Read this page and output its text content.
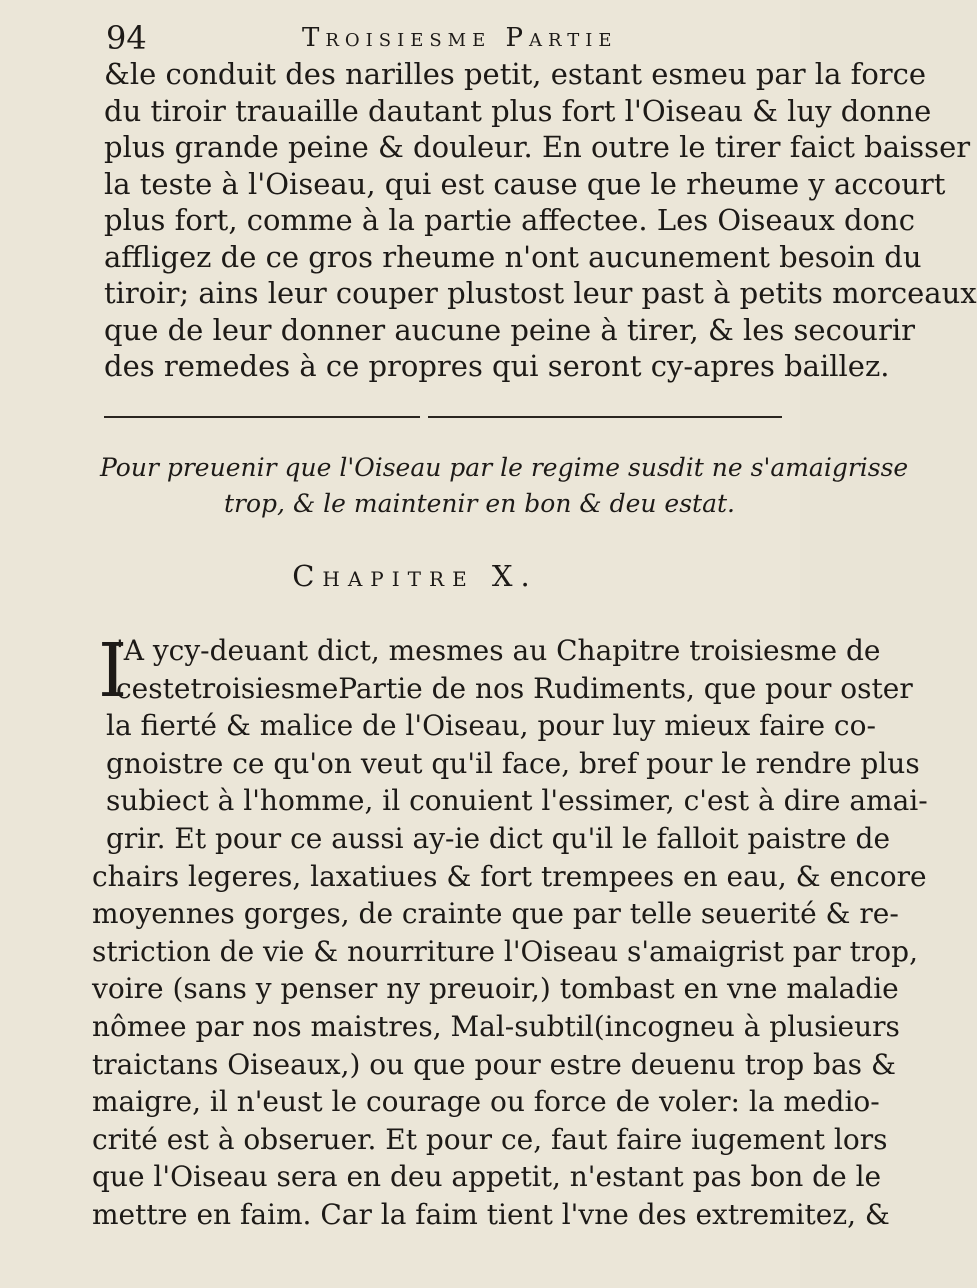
94	Troisiesme Partie
&le conduit des narilles petit, estant esmeu par la force
du tiroir trauaille dautant plus fort l'Oiseau & luy donne
plus grande peine & douleur. En outre le tirer faict baisser
la teste à l'Oiseau, qui est cause que le rheume y accourt
plus fort, comme à la partie affectee. Les Oiseaux donc
affligez de ce gros rheume n'ont aucunement besoin du
tiroir; ains leur couper plustost leur past à petits morceaux
que de leur donner aucune peine à tirer, & les secourir
des remedes à ce propres qui seront cy-apres baillez.
Pour preuenir que l'Oiseau par le regime susdit ne s'amaigrisse
trop, & le maintenir en bon & deu estat.
Chapitre X.
I
'A ycy-deuant dict, mesmes au Chapitre troisiesme de
cestetroisiesmePartie de nos Rudiments, que pour oster
la fierté & malice de l'Oiseau, pour luy mieux faire co-
gnoistre ce qu'on veut qu'il face, bref pour le rendre plus
subiect à l'homme, il conuient l'essimer, c'est à dire amai-
grir. Et pour ce aussi ay-ie dict qu'il le falloit paistre de
chairs legeres, laxatiues & fort trempees en eau, & encore
moyennes gorges, de crainte que par telle seuerité & re-
striction de vie & nourriture l'Oiseau s'amaigrist par trop,
voire (sans y penser ny preuoir,) tombast en vne maladie
nômee par nos maistres, Mal-subtil(incogneu à plusieurs
traictans Oiseaux,) ou que pour estre deuenu trop bas &
maigre, il n'eust le courage ou force de voler: la medio-
crité est à obseruer. Et pour ce, faut faire iugement lors
que l'Oiseau sera en deu appetit, n'estant pas bon de le
mettre en faim. Car la faim tient l'vne des extremitez, &
